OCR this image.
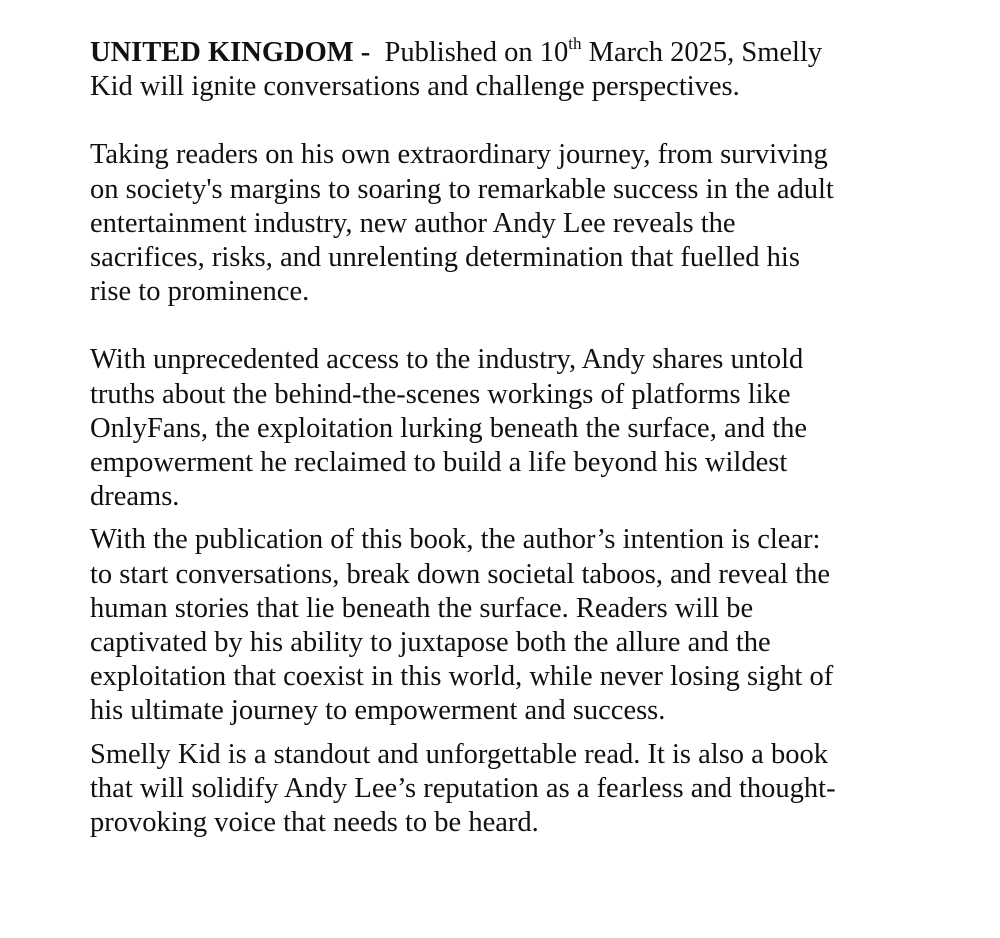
UNITED KINGDOM - Published on 10th March 2025, Smelly
Kid will ignite conversations and challenge perspectives.

Taking readers on his own extraordinary journey, from surviving
on society's margins to soaring to remarkable success in the adult
entertainment industry, new author Andy Lee reveals the
sacrifices, risks, and unrelenting determination that fuelled his
rise to prominence.

With unprecedented access to the industry, Andy shares untold
truths about the behind-the-scenes workings of platforms like
OnlyFans, the exploitation lurking beneath the surface, and the
empowerment he reclaimed to build a life beyond his wildest
dreams.

With the publication of this book, the author’s intention is clear:
to start conversations, break down societal taboos, and reveal the
human stories that lie beneath the surface. Readers will be
captivated by his ability to juxtapose both the allure and the
exploitation that coexist in this world, while never losing sight of
his ultimate journey to empowerment and success.

Smelly Kid is a standout and unforgettable read. It is also a book
that will solidify Andy Lee’s reputation as a fearless and thought-
provoking voice that needs to be heard.
